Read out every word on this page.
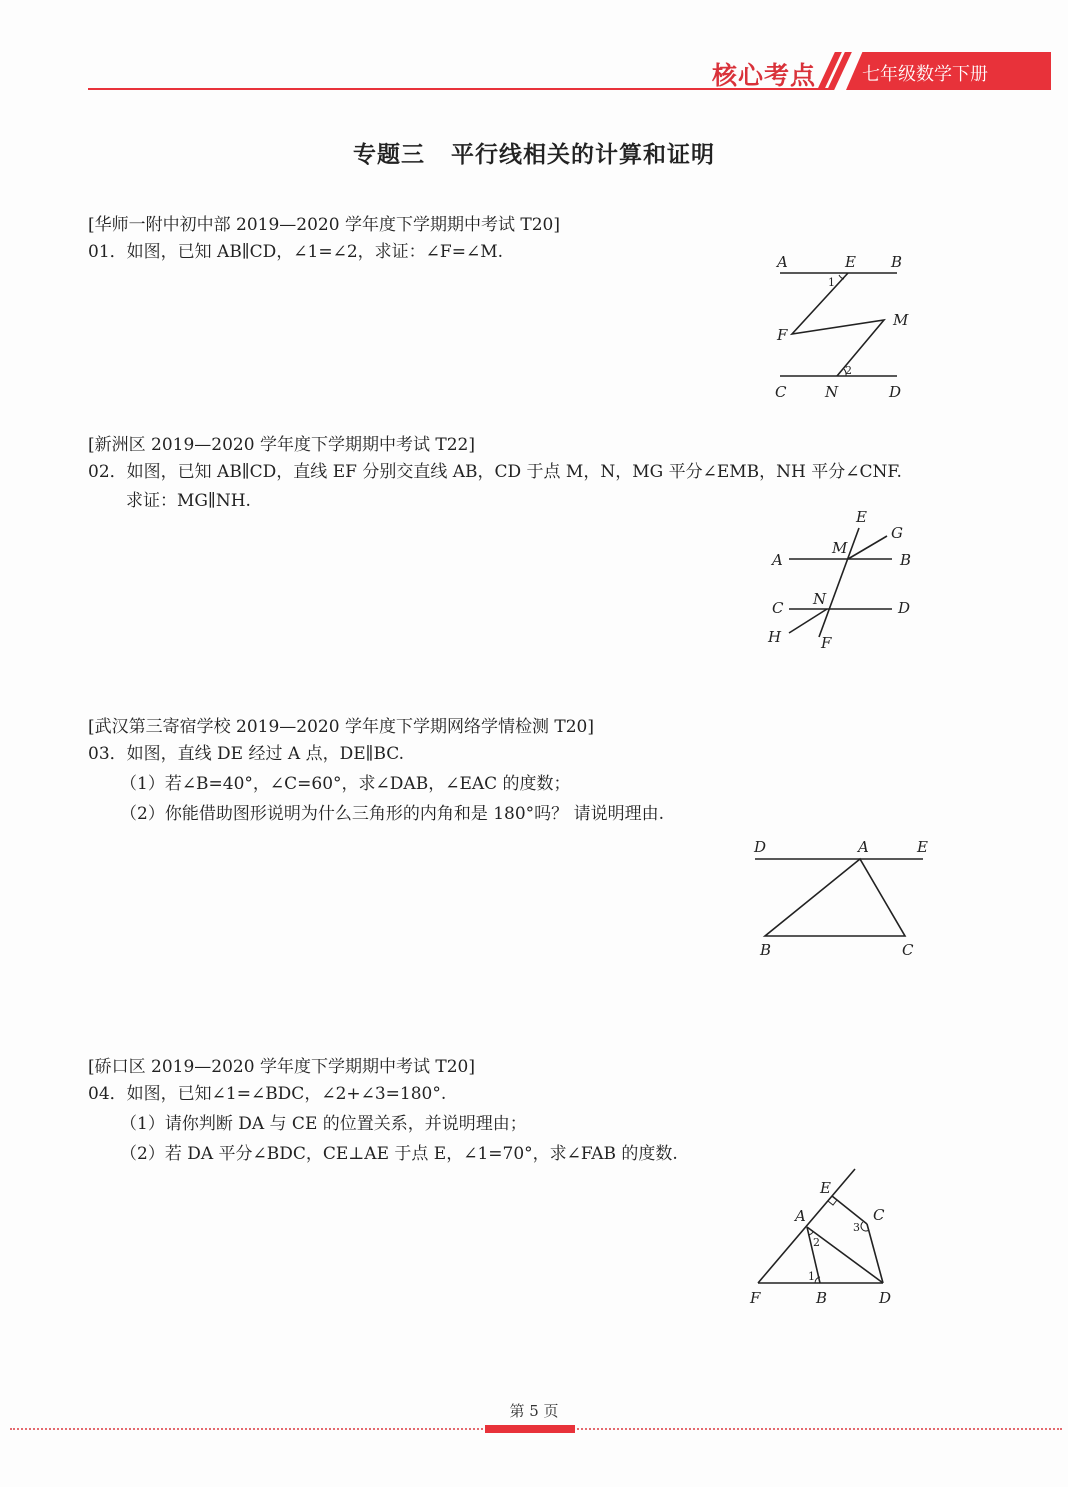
核心考点	七年级数学下册
专题三 平行线相关的计算和证明
[华师一附中初中部 2019—2020 学年度下学期期中考试 T20]
01．如图，已知 AB∥CD，∠1=∠2，求证：∠F=∠M.	A	E B
1
M
F
2
C	N	D
[新洲区 2019—2020 学年度下学期期中考试 T22]
02．如图，已知 AB∥CD，直线 EF 分别交直线 AB，CD 于点 M，N，MG 平分∠EMB，NH 平分∠CNF.
求证：MG∥NH.
E
G
M
A	B
N
C	D
H	F
[武汉第三寄宿学校 2019—2020 学年度下学期网络学情检测 T20]
03．如图，直线 DE 经过 A 点，DE∥BC.
（1）若∠B=40°，∠C=60°，求∠DAB，∠EAC 的度数；
（2）你能借助图形说明为什么三角形的内角和是 180°吗？ 请说明理由.
D	A	E
B	C
[硚口区 2019—2020 学年度下学期期中考试 T20]
04．如图，已知∠1=∠BDC，∠2+∠3=180°.
（1）请你判断 DA 与 CE 的位置关系，并说明理由；
（2）若 DA 平分∠BDC，CE⊥AE 于点 E，∠1=70°，求∠FAB 的度数.
E
A	C
3
2
1
F	B	D
第 5 页
